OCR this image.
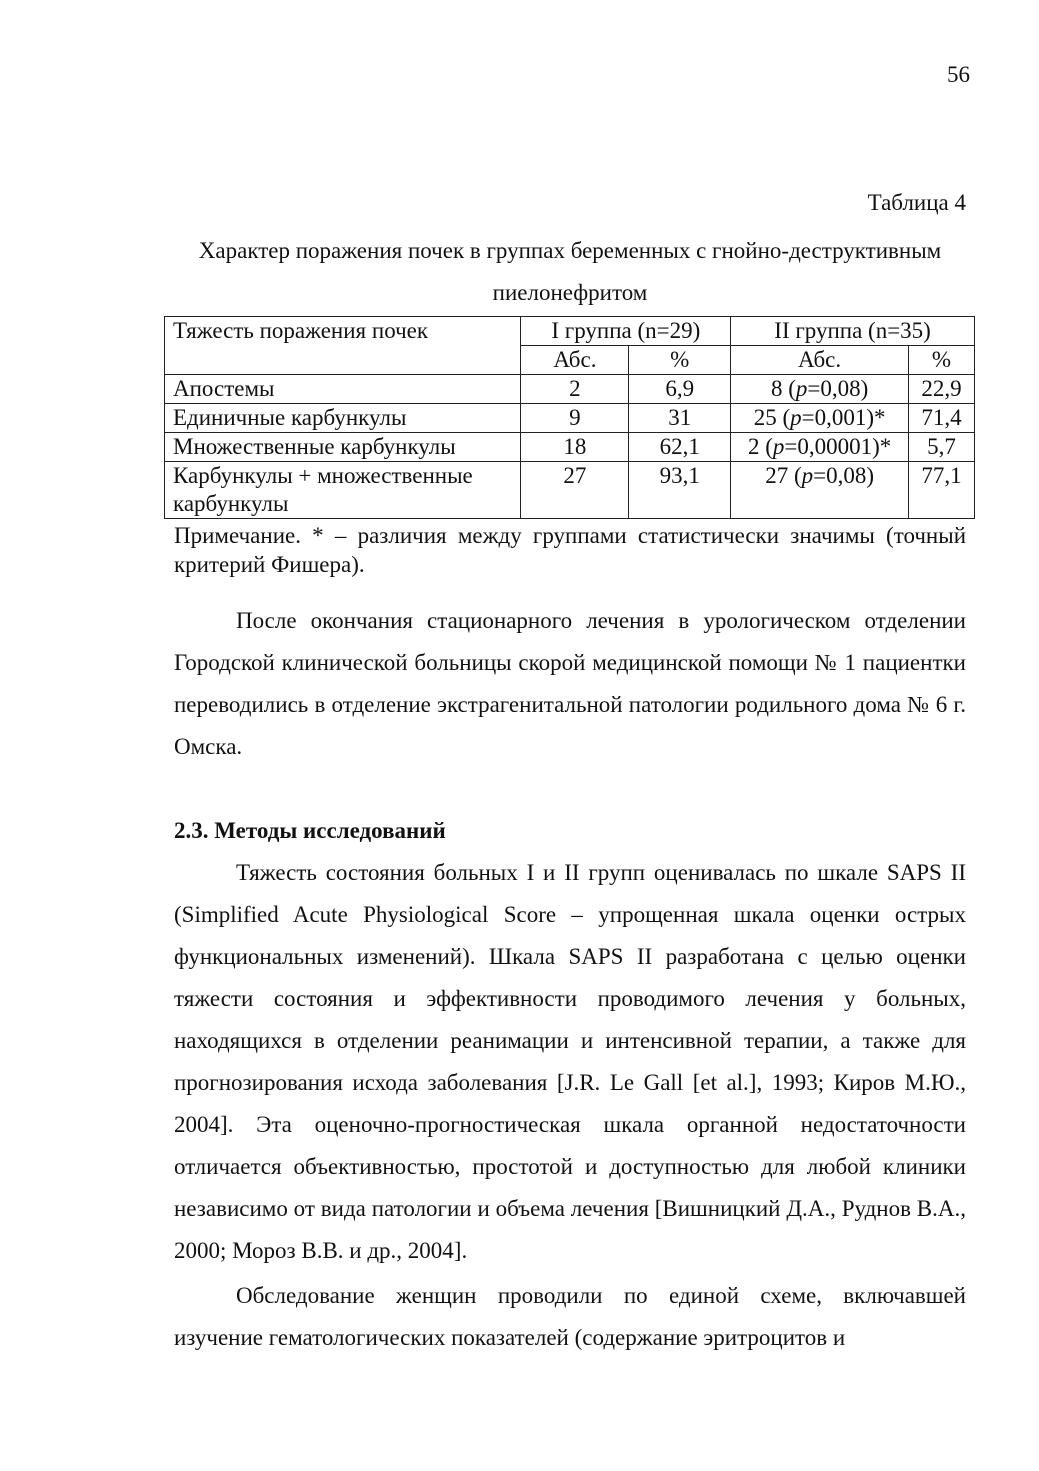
56
Таблица 4
Характер поражения почек в группах беременных с гнойно-деструктивным пиелонефритом
Тяжесть поражения почек	I группа (n=29)		II группа (n=35)	
	Абс.	%	Абс.	%
Апостемы	2	6,9	8 (p=0,08)	22,9
Единичные карбункулы	9	31	25 (p=0,001)*	71,4
Множественные карбункулы	18	62,1	2 (p=0,00001)*	5,7
Карбункулы + множественные карбункулы	27	93,1	27 (p=0,08)	77,1
Примечание. * – различия между группами статистически значимы (точный критерий Фишера).

После окончания стационарного лечения в урологическом отделении Городской клинической больницы скорой медицинской помощи № 1 пациентки переводились в отделение экстрагенитальной патологии родильного дома № 6 г. Омска.

2.3. Методы исследований

Тяжесть состояния больных I и II групп оценивалась по шкале SAPS II (Simplified Acute Physiological Score – упрощенная шкала оценки острых функциональных изменений). Шкала SAPS II разработана с целью оценки тяжести состояния и эффективности проводимого лечения у больных, находящихся в отделении реанимации и интенсивной терапии, а также для прогнозирования исхода заболевания [J.R. Le Gall [et al.], 1993; Киров М.Ю., 2004]. Эта оценочно-прогностическая шкала органной недостаточности отличается объективностью, простотой и доступностью для любой клиники независимо от вида патологии и объема лечения [Вишницкий Д.А., Руднов В.А., 2000; Мороз В.В. и др., 2004].

Обследование женщин проводили по единой схеме, включавшей изучение гематологических показателей (содержание эритроцитов и
